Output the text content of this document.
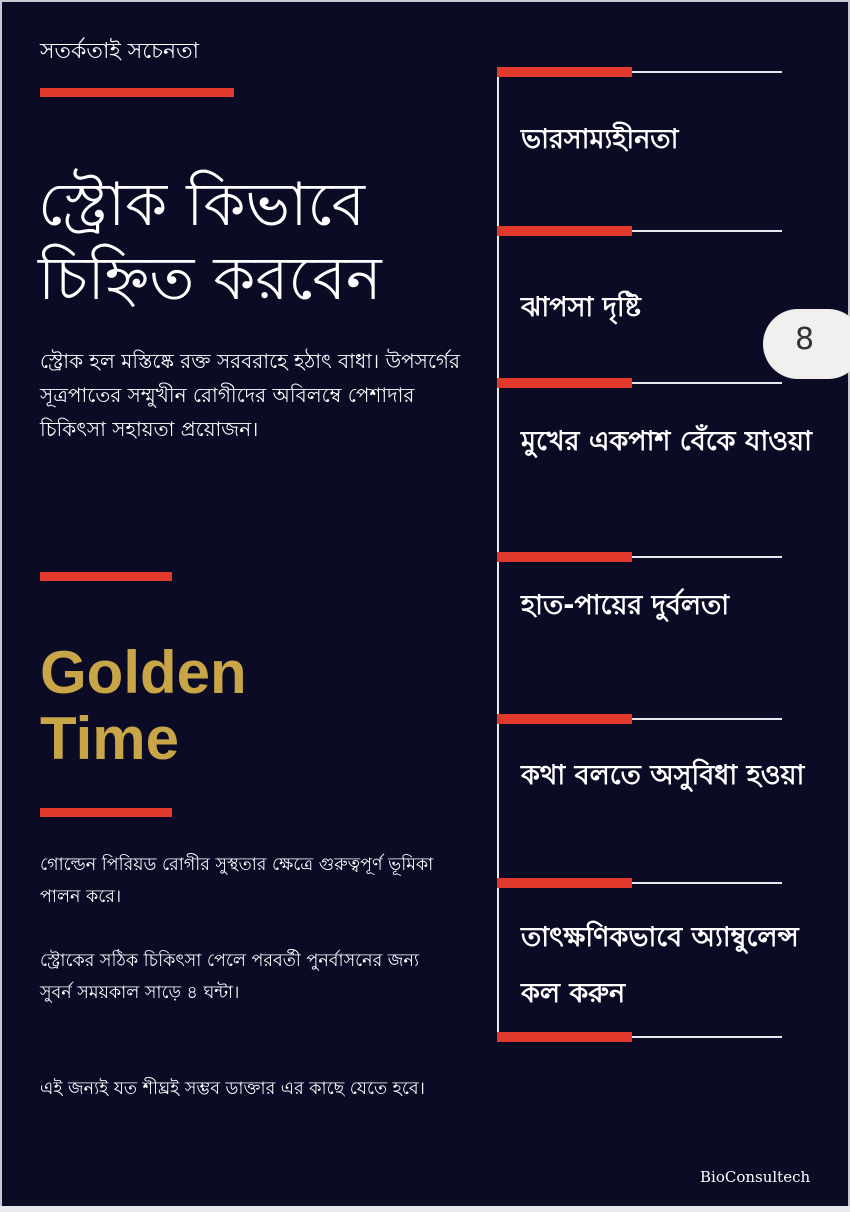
সতর্কতাই সচেনতা
স্ট্রোক কিভাবে চিহ্নিত করবেন
স্ট্রোক হল মস্তিষ্কে রক্ত সরবরাহে হঠাৎ বাধা। উপসর্গের সূত্রপাতের সম্মুখীন রোগীদের অবিলম্বে পেশাদার চিকিৎসা সহায়তা প্রয়োজন।
Golden Time
গোল্ডেন পিরিয়ড রোগীর সুস্থতার ক্ষেত্রে গুরুত্বপূর্ণ ভূমিকা পালন করে।
স্ট্রোকের সঠিক চিকিৎসা পেলে পরবর্তী পুনর্বাসনের জন্য সুবর্ন সময়কাল সাড়ে ৪ ঘন্টা।
এই জন্যই যত শীঘ্রই সম্ভব ডাক্তার এর কাছে যেতে হবে।
ভারসাম্যহীনতা
ঝাপসা দৃষ্টি
মুখের একপাশ বেঁকে যাওয়া
হাত-পায়ের দুর্বলতা
কথা বলতে অসুবিধা হওয়া
তাৎক্ষণিকভাবে অ্যাম্বুলেন্স কল করুন
8
BioConsultech
